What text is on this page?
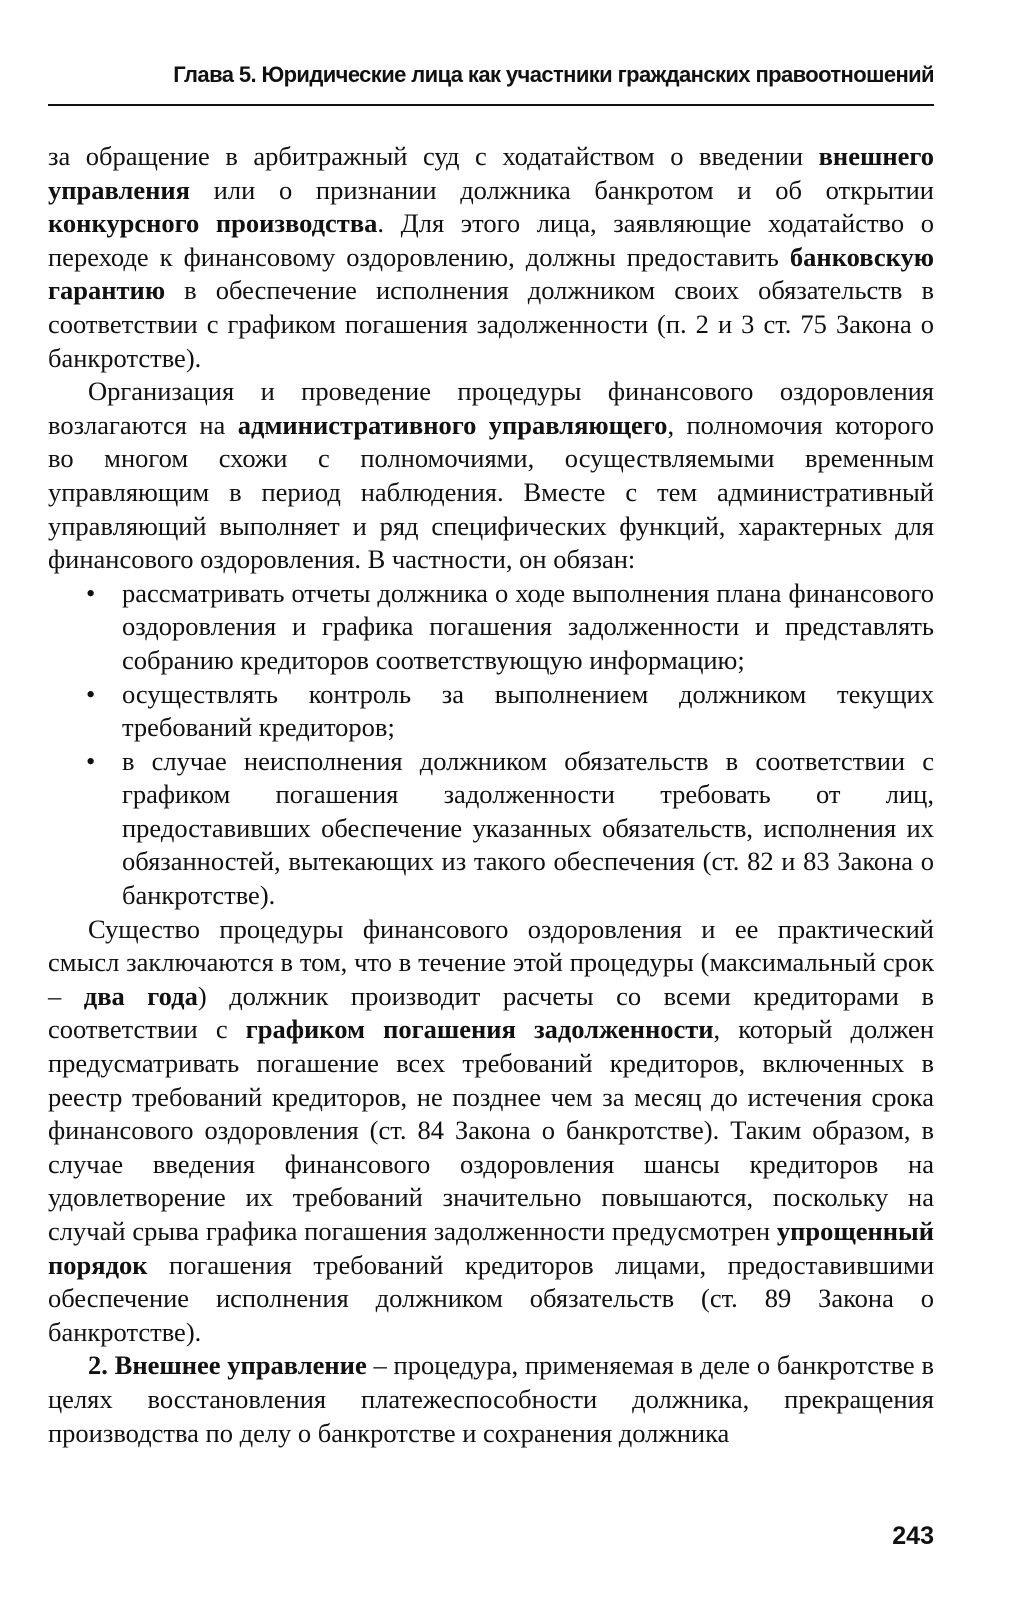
Глава 5. Юридические лица как участники гражданских правоотношений

за обращение в арбитражный суд с ходатайством о введении внешнего управления или о признании должника банкротом и об открытии конкурсного производства. Для этого лица, заявляющие ходатайство о переходе к финансовому оздоровлению, должны предоставить банковскую гарантию в обеспечение исполнения должником своих обязательств в соответствии с графиком погашения задолженности (п. 2 и 3 ст. 75 Закона о банкротстве).

Организация и проведение процедуры финансового оздоровления возлагаются на административного управляющего, полномочия которого во многом схожи с полномочиями, осуществляемыми временным управляющим в период наблюдения. Вместе с тем административный управляющий выполняет и ряд специфических функций, характерных для финансового оздоровления. В частности, он обязан:

• рассматривать отчеты должника о ходе выполнения плана финансового оздоровления и графика погашения задолженности и представлять собранию кредиторов соответствующую информацию;
• осуществлять контроль за выполнением должником текущих требований кредиторов;
• в случае неисполнения должником обязательств в соответствии с графиком погашения задолженности требовать от лиц, предоставивших обеспечение указанных обязательств, исполнения их обязанностей, вытекающих из такого обеспечения (ст. 82 и 83 Закона о банкротстве).

Существо процедуры финансового оздоровления и ее практический смысл заключаются в том, что в течение этой процедуры (максимальный срок – два года) должник производит расчеты со всеми кредиторами в соответствии с графиком погашения задолженности, который должен предусматривать погашение всех требований кредиторов, включенных в реестр требований кредиторов, не позднее чем за месяц до истечения срока финансового оздоровления (ст. 84 Закона о банкротстве). Таким образом, в случае введения финансового оздоровления шансы кредиторов на удовлетворение их требований значительно повышаются, поскольку на случай срыва графика погашения задолженности предусмотрен упрощенный порядок погашения требований кредиторов лицами, предоставившими обеспечение исполнения должником обязательств (ст. 89 Закона о банкротстве).

2. Внешнее управление – процедура, применяемая в деле о банкротстве в целях восстановления платежеспособности должника, прекращения производства по делу о банкротстве и сохранения должника

243
